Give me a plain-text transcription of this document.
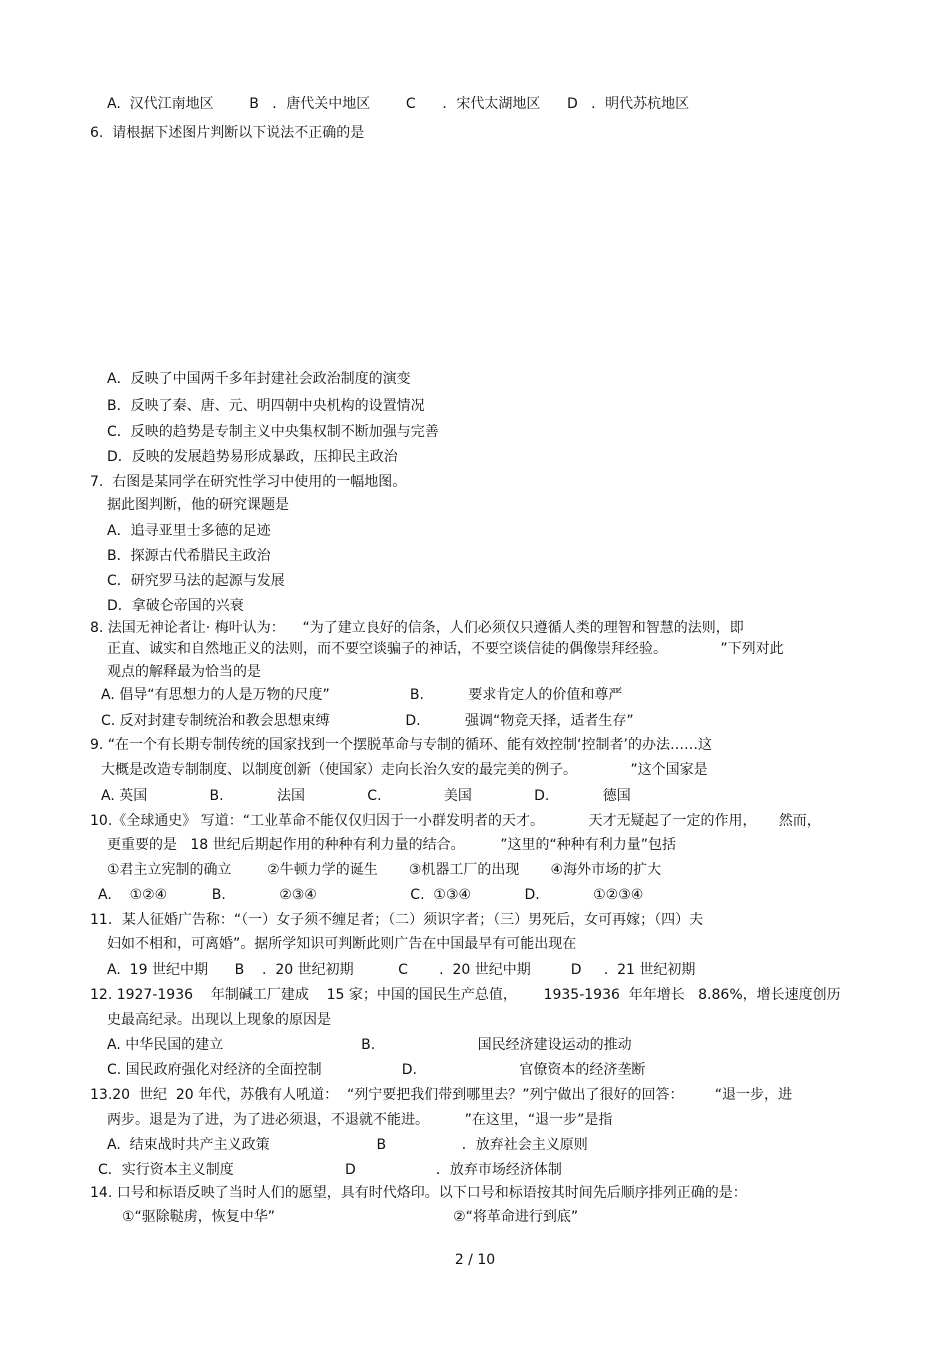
A.  汉代江南地区        B   ．唐代关中地区        C      ．宋代太湖地区      D   ．明代苏杭地区
6.  请根据下述图片判断以下说法不正确的是
A．反映了中国两千多年封建社会政治制度的演变
B．反映了秦、唐、元、明四朝中央机构的设置情况
C．反映的趋势是专制主义中央集权制不断加强与完善
D．反映的发展趋势易形成暴政，压抑民主政治
7.  右图是某同学在研究性学习中使用的一幅地图。
据此图判断，他的研究课题是
A．追寻亚里士多德的足迹
B．探源古代希腊民主政治
C．研究罗马法的起源与发展
D．拿破仑帝国的兴衰
8. 法国无神论者让· 梅叶认为：    “为了建立良好的信条，人们必须仅只遵循人类的理智和智慧的法则，即
正直、诚实和自然地正义的法则，而不要空谈骗子的神话，不要空谈信徒的偶像崇拜经验。            ”下列对此
观点的解释最为恰当的是
A. 倡导“有思想力的人是万物的尺度”                  B.          要求肯定人的价值和尊严
C. 反对封建专制统治和教会思想束缚                 D.          强调“物竞天择，适者生存”
9. “在一个有长期专制传统的国家找到一个摆脱革命与专制的循环、能有效控制‘控制者’的办法……这
大概是改造专制制度、以制度创新（使国家）走向长治久安的最完美的例子。            ”这个国家是
A. 英国              B.            法国              C.              美国              D.            德国
10.《全球通史》 写道：“工业革命不能仅仅归因于一小群发明者的天才。          天才无疑起了一定的作用，     然而，
更重要的是   18 世纪后期起作用的种种有利力量的结合。        ”这里的“种种有利力量”包括
①君主立宪制的确立        ②牛顿力学的诞生       ③机器工厂的出现       ④海外市场的扩大
A.    ①②④          B.            ②③④                     C.  ①③④            D.            ①②③④
11．某人征婚广告称：“（一）女子须不缠足者；（二）须识字者；（三）男死后，女可再嫁；（四）夫
妇如不相和，可离婚”。据所学知识可判断此则广告在中国最早有可能出现在
A.  19 世纪中期      B    .  20 世纪初期          C       .  20 世纪中期         D     .  21 世纪初期
12. 1927-1936    年制碱工厂建成    15 家；中国的国民生产总值，      1935-1936  年年增长   8.86%，增长速度创历
史最高纪录。出现以上现象的原因是
A. 中华民国的建立                               B.                       国民经济建设运动的推动
C. 国民政府强化对经济的全面控制                  D.                       官僚资本的经济垄断
13.20  世纪  20 年代，苏俄有人吼道：  “列宁要把我们带到哪里去？”列宁做出了很好的回答：       “退一步，进
两步。退是为了进，为了进必须退，不退就不能进。        ”在这里，“退一步”是指
A.  结束战时共产主义政策                        B                 ．放弃社会主义原则
C．实行资本主义制度                         D                  ．放弃市场经济体制
14. 口号和标语反映了当时人们的愿望，具有时代烙印。以下口号和标语按其时间先后顺序排列正确的是：
①“驱除鞑虏，恢复中华”                                        ②“将革命进行到底”
2 / 10
